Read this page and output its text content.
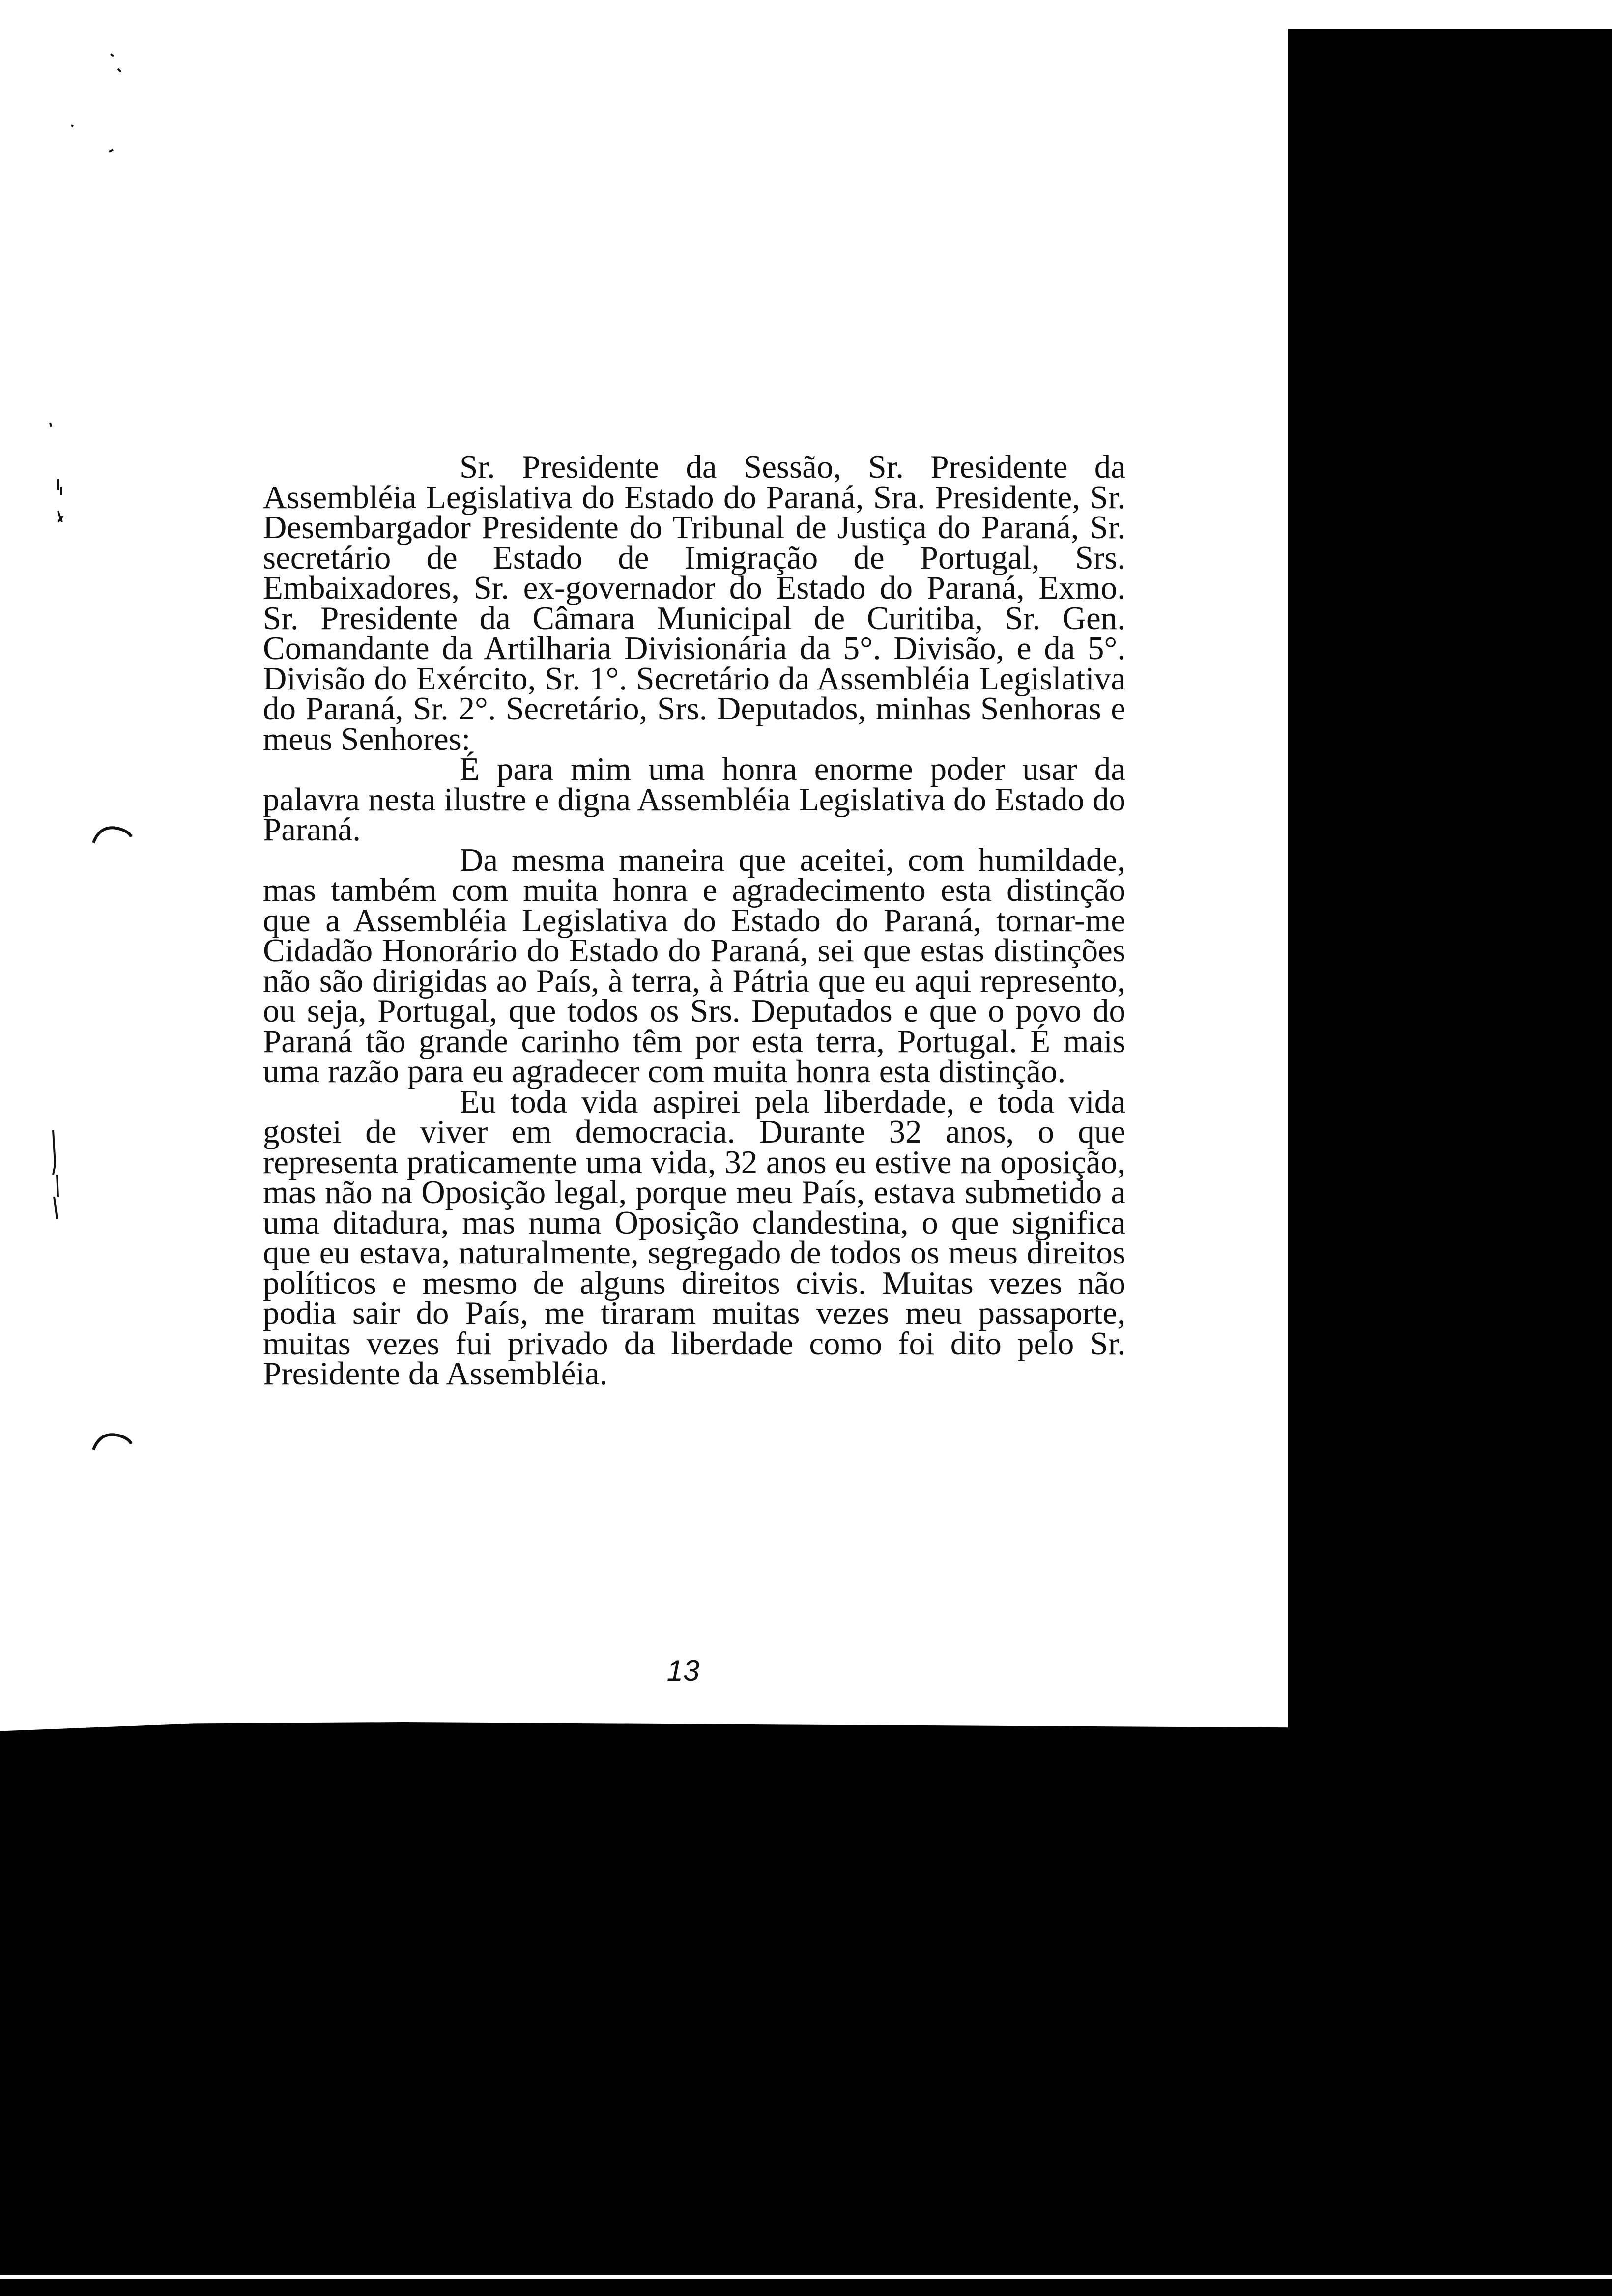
Sr. Presidente da Sessão, Sr. Presidente da Assembléia Legislativa do Estado do Paraná, Sra. Presidente, Sr. Desembargador Presidente do Tribunal de Justiça do Paraná, Sr. secretário de Estado de Imigração de Portugal, Srs. Embaixadores, Sr. ex-governador do Estado do Paraná, Exmo. Sr. Presidente da Câmara Municipal de Curitiba, Sr. Gen. Comandante da Artilharia Divisionária da 5°. Divisão, e da 5°. Divisão do Exército, Sr. 1°. Secretário da Assembléia Legislativa do Paraná, Sr. 2°. Secretário, Srs. Deputados, minhas Senhoras e meus Senhores:

É para mim uma honra enorme poder usar da palavra nesta ilustre e digna Assembléia Legislativa do Estado do Paraná.

Da mesma maneira que aceitei, com humildade, mas também com muita honra e agradecimento esta distinção que a Assembléia Legislativa do Estado do Paraná, tornar-me Cidadão Honorário do Estado do Paraná, sei que estas distinções não são dirigidas ao País, à terra, à Pátria que eu aqui represento, ou seja, Portugal, que todos os Srs. Deputados e que o povo do Paraná tão grande carinho têm por esta terra, Portugal. É mais uma razão para eu agradecer com muita honra esta distinção.

Eu toda vida aspirei pela liberdade, e toda vida gostei de viver em democracia. Durante 32 anos, o que representa praticamente uma vida, 32 anos eu estive na oposição, mas não na Oposição legal, porque meu País, estava submetido a uma ditadura, mas numa Oposição clandestina, o que significa que eu estava, naturalmente, segregado de todos os meus direitos políticos e mesmo de alguns direitos civis. Muitas vezes não podia sair do País, me tiraram muitas vezes meu passaporte, muitas vezes fui privado da liberdade como foi dito pelo Sr. Presidente da Assembléia.

13
